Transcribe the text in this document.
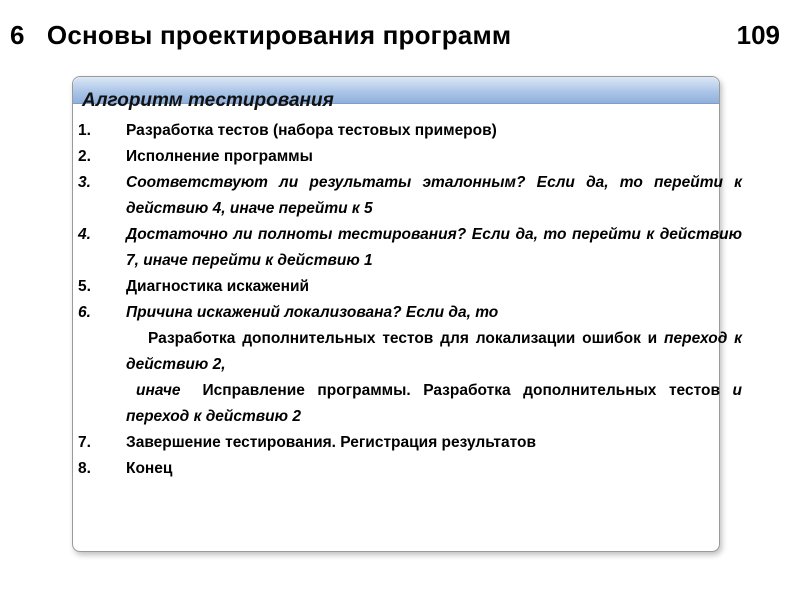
6   Основы проектирования программ	109
Алгоритм тестирования
1. Разработка тестов (набора тестовых примеров)
2. Исполнение программы
3. Соответствуют ли результаты эталонным? Если да, то перейти к действию 4, иначе перейти к 5
4. Достаточно ли полноты тестирования? Если да, то перейти к действию 7, иначе перейти к действию 1
5. Диагностика искажений
6. Причина искажений локализована? Если да, то
Разработка дополнительных тестов для локализации ошибок и переход к действию 2,
иначе Исправление программы. Разработка дополнительных тестов и переход к действию 2
7. Завершение тестирования. Регистрация результатов
8. Конец
